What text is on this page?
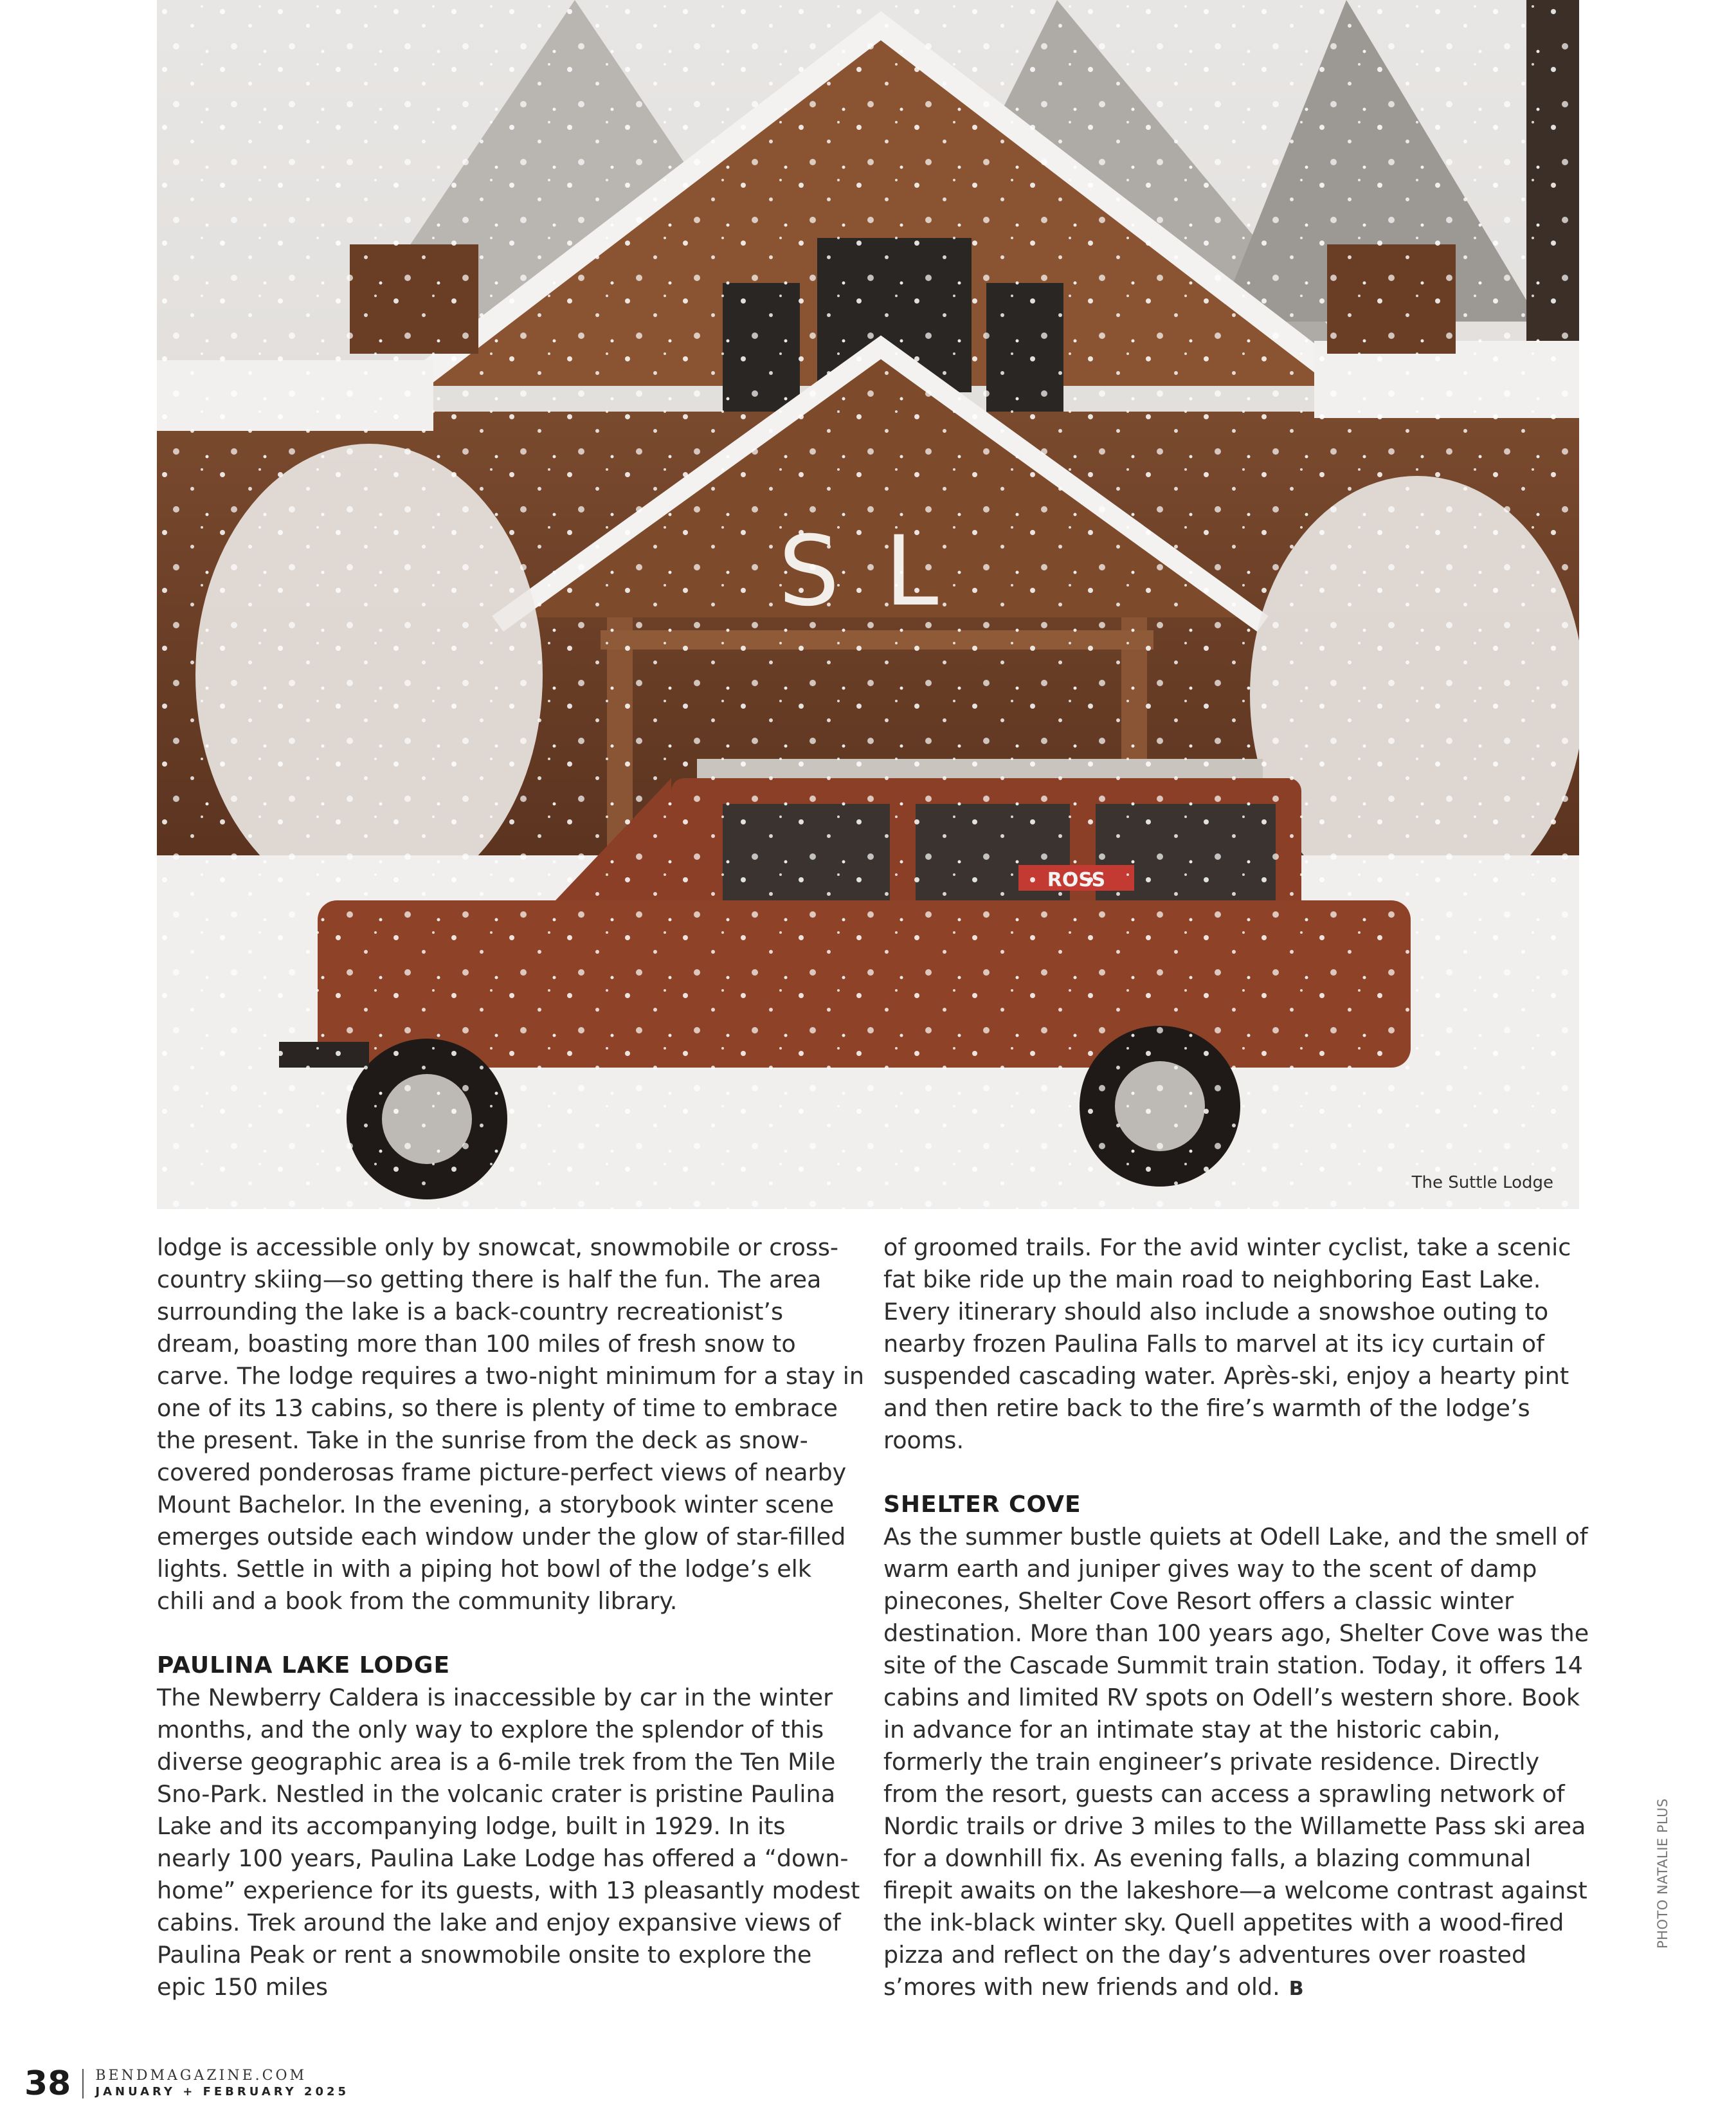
The Suttle Lodge

lodge is accessible only by snowcat, snowmobile or cross-country skiing—so getting there is half the fun. The area surrounding the lake is a back-country recreationist’s dream, boasting more than 100 miles of fresh snow to carve. The lodge requires a two-night minimum for a stay in one of its 13 cabins, so there is plenty of time to embrace the present. Take in the sunrise from the deck as snow-covered ponderosas frame picture-perfect views of nearby Mount Bachelor. In the evening, a storybook winter scene emerges outside each window under the glow of star-filled lights. Settle in with a piping hot bowl of the lodge’s elk chili and a book from the community library.

PAULINA LAKE LODGE

The Newberry Caldera is inaccessible by car in the winter months, and the only way to explore the splendor of this diverse geographic area is a 6-mile trek from the Ten Mile Sno-Park. Nestled in the volcanic crater is pristine Paulina Lake and its accompanying lodge, built in 1929. In its nearly 100 years, Paulina Lake Lodge has offered a “down-home” experience for its guests, with 13 pleasantly modest cabins. Trek around the lake and enjoy expansive views of Paulina Peak or rent a snowmobile onsite to explore the epic 150 miles

of groomed trails. For the avid winter cyclist, take a scenic fat bike ride up the main road to neighboring East Lake. Every itinerary should also include a snowshoe outing to nearby frozen Paulina Falls to marvel at its icy curtain of suspended cascading water. Après-ski, enjoy a hearty pint and then retire back to the fire’s warmth of the lodge’s rooms.

SHELTER COVE

As the summer bustle quiets at Odell Lake, and the smell of warm earth and juniper gives way to the scent of damp pinecones, Shelter Cove Resort offers a classic winter destination. More than 100 years ago, Shelter Cove was the site of the Cascade Summit train station. Today, it offers 14 cabins and limited RV spots on Odell’s western shore. Book in advance for an intimate stay at the historic cabin, formerly the train engineer’s private residence. Directly from the resort, guests can access a sprawling network of Nordic trails or drive 3 miles to the Willamette Pass ski area for a downhill fix. As evening falls, a blazing communal firepit awaits on the lakeshore—a welcome contrast against the ink-black winter sky. Quell appetites with a wood-fired pizza and reflect on the day’s adventures over roasted s’mores with new friends and old. B

PHOTO NATALIE PLUS
38 BENDMAGAZINE.COM
JANUARY + FEBRUARY 2025
